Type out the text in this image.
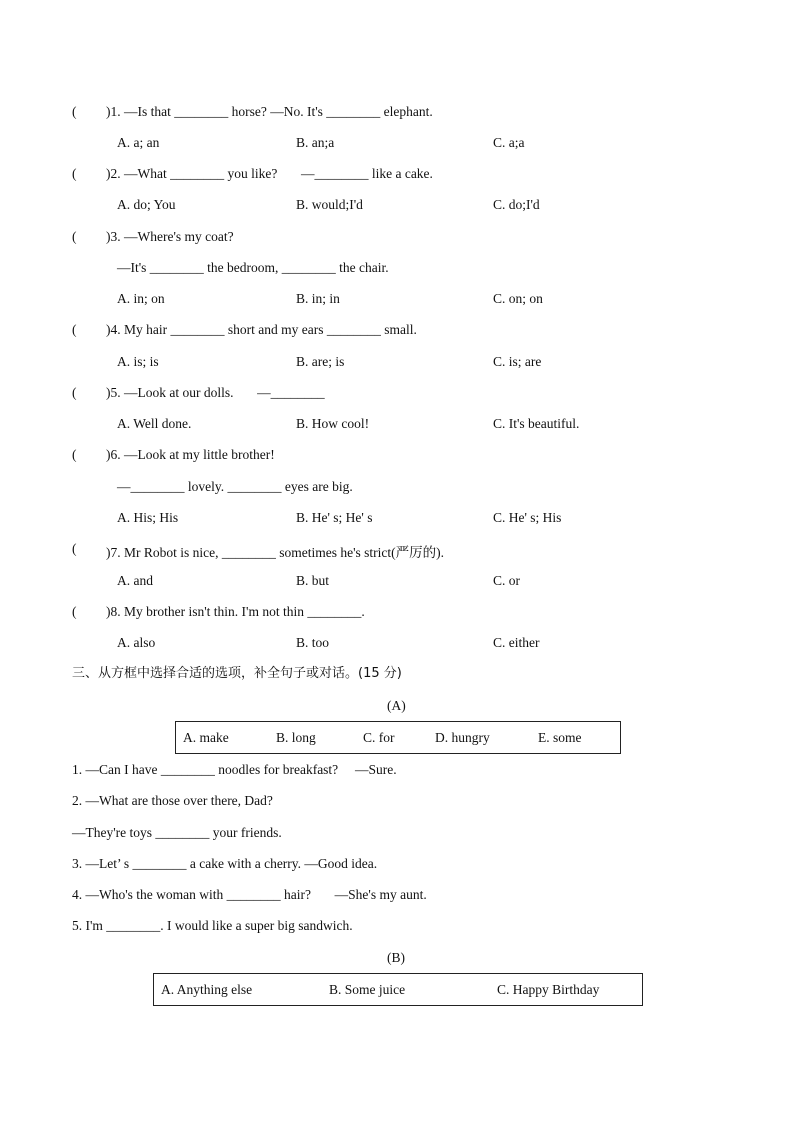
( )1. —Is that ________ horse? —No. It's ________ elephant.
A. a; an	B. an;a	C. a;a
( )2. —What ________ you like?       —________ like a cake.
A. do; You	B. would;I'd	C. do;I'd
( )3. —Where's my coat?
—It's ________ the bedroom, ________ the chair.
A. in; on	B. in; in	C. on; on
( )4. My hair ________ short and my ears ________ small.
A. is; is	B. are; is	C. is; are
( )5. —Look at our dolls.       —________
A. Well done.	B. How cool!	C. It's beautiful.
( )6. —Look at my little brother!
—________ lovely. ________ eyes are big.
A. His; His	B. He' s; He' s	C. He' s; His
( )7. Mr Robot is nice, ________ sometimes he's strict(严厉的).
A. and	B. but	C. or
( )8. My brother isn't thin. I'm not thin ________.
A. also	B. too	C. either
三、从方框中选择合适的选项，补全句子或对话。(15 分)
(A)
A. make	B. long	C. for	D. hungry	E. some
1. —Can I have ________ noodles for breakfast?     —Sure.
2. —What are those over there, Dad?
—They're toys ________ your friends.
3. —Let’ s ________ a cake with a cherry. —Good idea.
4. —Who's the woman with ________ hair?       —She's my aunt.
5. I'm ________. I would like a super big sandwich.
(B)
A. Anything else	B. Some juice	C. Happy Birthday
